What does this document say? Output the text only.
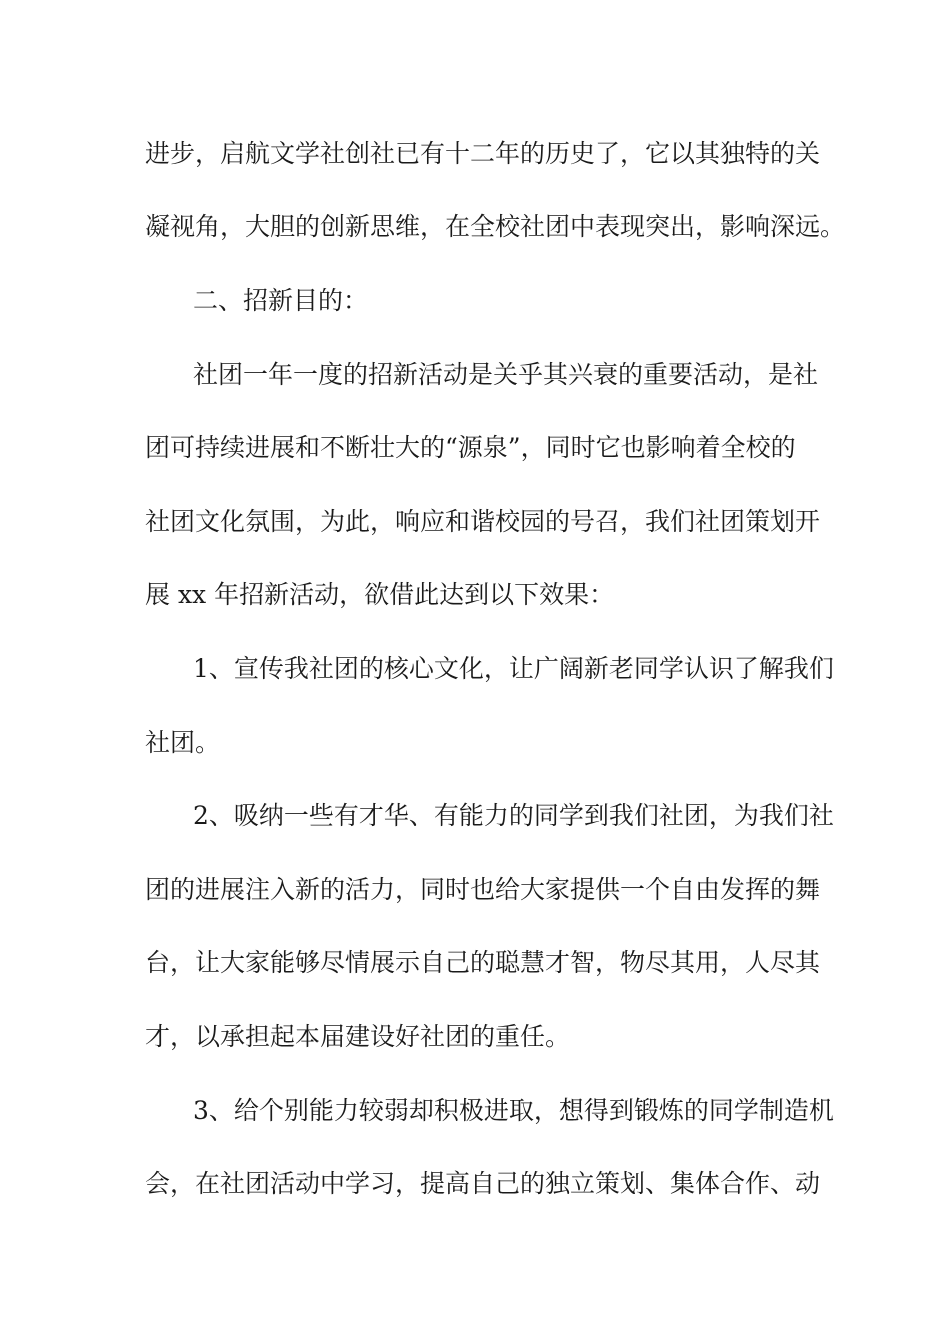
进步，启航文学社创社已有十二年的历史了，它以其独特的关
凝视角，大胆的创新思维，在全校社团中表现突出，影响深远。
二、招新目的：
社团一年一度的招新活动是关乎其兴衰的重要活动，是社
团可持续进展和不断壮大的“源泉”，同时它也影响着全校的
社团文化氛围，为此，响应和谐校园的号召，我们社团策划开
展 xx 年招新活动，欲借此达到以下效果：
1、宣传我社团的核心文化，让广阔新老同学认识了解我们
社团。
2、吸纳一些有才华、有能力的同学到我们社团，为我们社
团的进展注入新的活力，同时也给大家提供一个自由发挥的舞
台，让大家能够尽情展示自己的聪慧才智，物尽其用，人尽其
才，以承担起本届建设好社团的重任。
3、给个别能力较弱却积极进取，想得到锻炼的同学制造机
会，在社团活动中学习，提高自己的独立策划、集体合作、动
